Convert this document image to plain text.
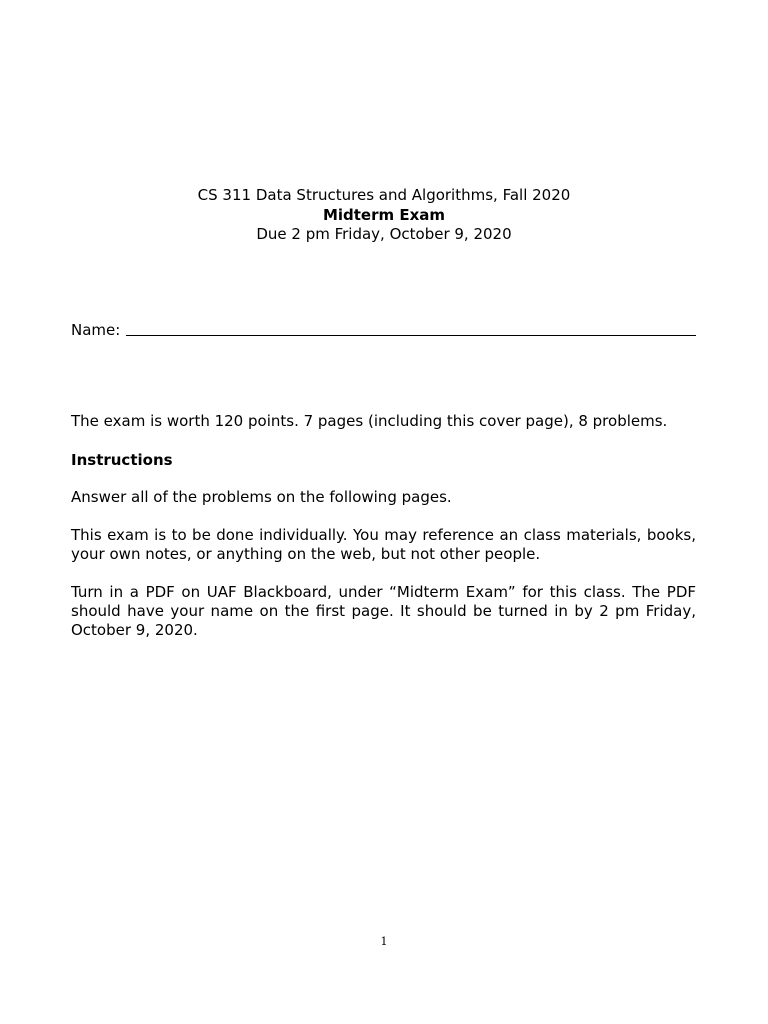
CS 311 Data Structures and Algorithms, Fall 2020
Midterm Exam
Due 2 pm Friday, October 9, 2020
Name:
The exam is worth 120 points. 7 pages (including this cover page), 8 problems.
Instructions
Answer all of the problems on the following pages.
This exam is to be done individually. You may reference an class materials, books, your own notes, or anything on the web, but not other people.
Turn in a PDF on UAF Blackboard, under “Midterm Exam” for this class. The PDF should have your name on the first page. It should be turned in by 2 pm Friday, October 9, 2020.
1
